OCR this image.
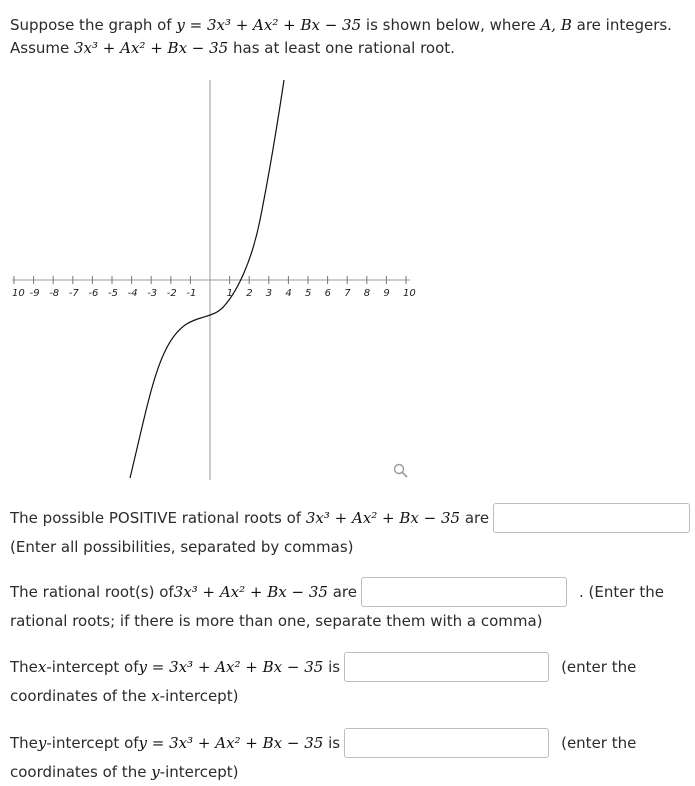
Suppose the graph of y = 3x³ + Ax² + Bx − 35 is shown below, where A, B are integers.
Assume 3x³ + Ax² + Bx − 35 has at least one rational root.
10 -9 -8 -7 -6 -5 -4 -3 -2 -1	1 2 3 4 5 6 7 8 9 10
The possible POSITIVE rational roots of
3x³ + Ax² + Bx − 35
are
(Enter all possibilities, separated by commas)
The rational root(s) of 3x³ + Ax² + Bx − 35
are	. (Enter the
rational roots; if there is more than one, separate them with a comma)
The x -intercept of y = 3x³ + Ax² + Bx − 35
is	(enter the
coordinates of the x-intercept)
The y -intercept of y = 3x³ + Ax² + Bx − 35
is	(enter the
coordinates of the y-intercept)
